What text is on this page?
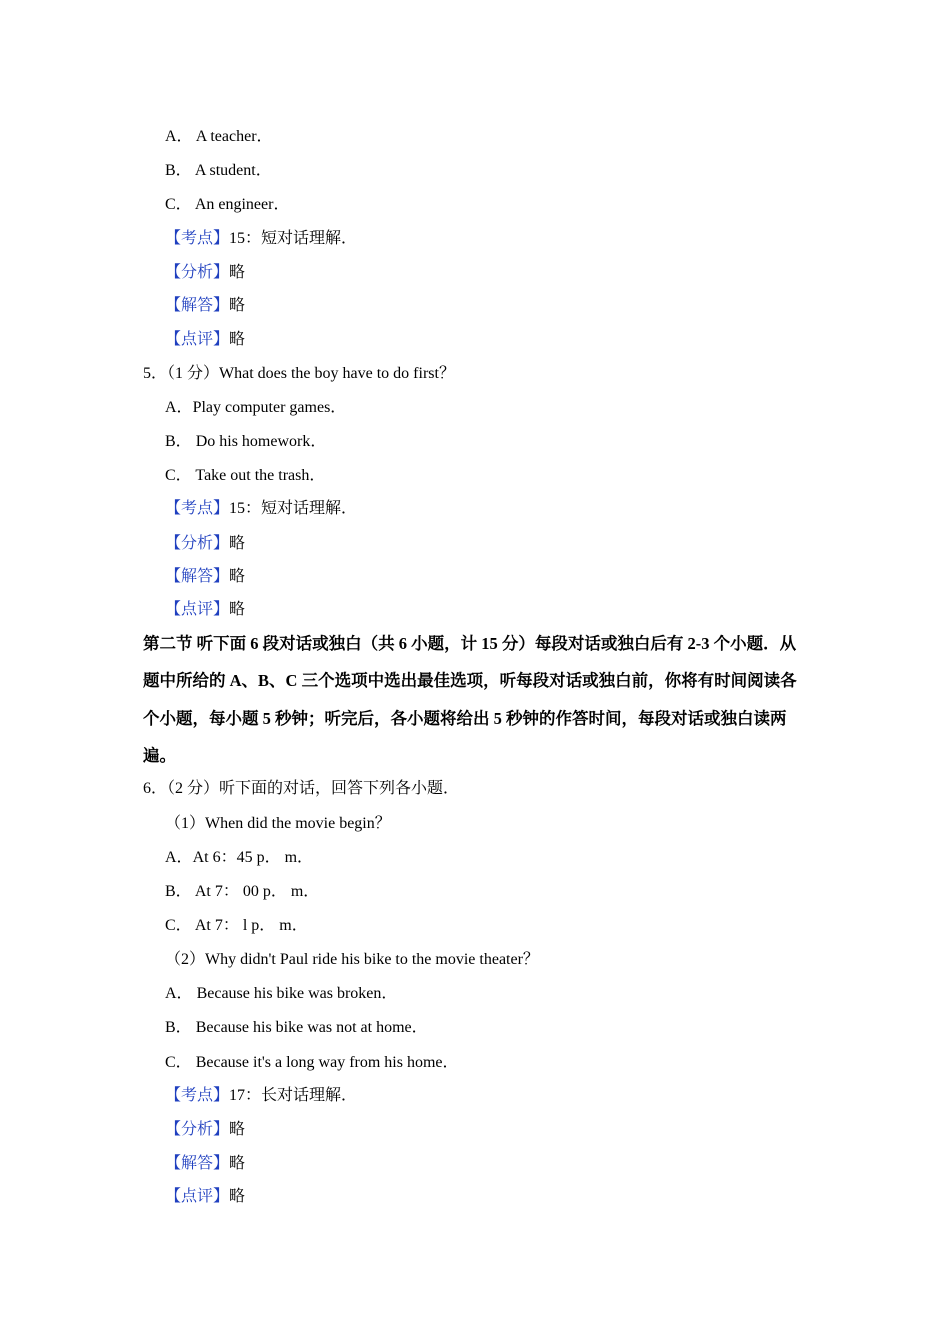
A． A teacher．
B． A student．
C． An engineer．
【考点】15：短对话理解．
【分析】略
【解答】略
【点评】略
5．（1 分）What does the boy have to do first？
A．Play computer games．
B． Do his homework．
C． Take out the trash．
【考点】15：短对话理解．
【分析】略
【解答】略
【点评】略
第二节 听下面 6 段对话或独白（共 6 小题，计 15 分）每段对话或独白后有 2-3 个小题．从
题中所给的 A、B、C 三个选项中选出最佳选项，听每段对话或独白前，你将有时间阅读各
个小题，每小题 5 秒钟；听完后，各小题将给出 5 秒钟的作答时间，每段对话或独白读两
遍。
6．（2 分）听下面的对话，回答下列各小题．
（1）When did the movie begin？
A．At 6：45 p． m．
B． At 7： 00 p． m．
C． At 7： l p． m．
（2）Why didn't Paul ride his bike to the movie theater？
A． Because his bike was broken．
B． Because his bike was not at home．
C． Because it's a long way from his home．
【考点】17：长对话理解．
【分析】略
【解答】略
【点评】略
